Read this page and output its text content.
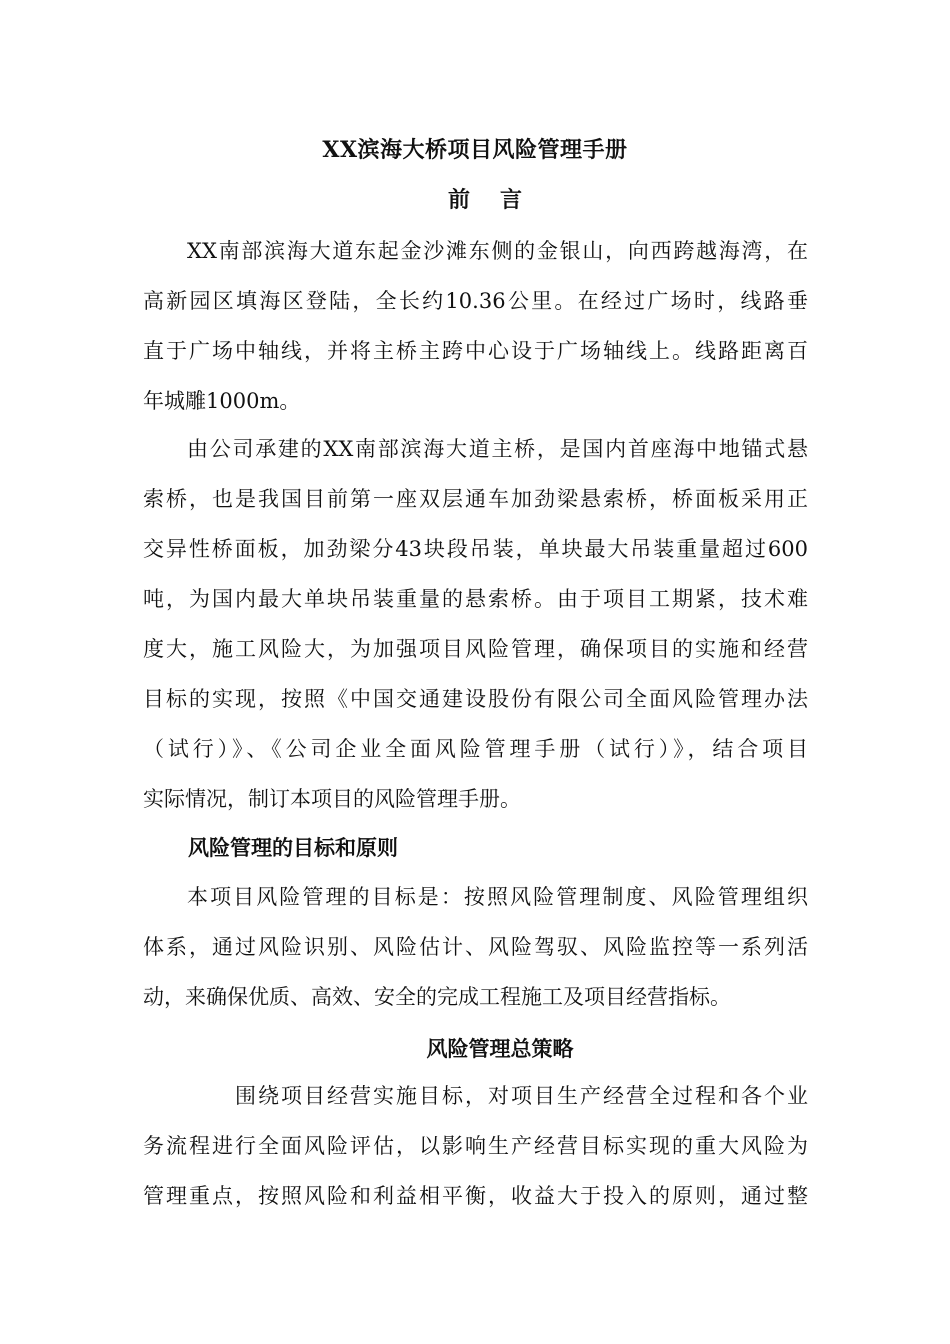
XX滨海大桥项目风险管理手册
前言
XX南部滨海大道东起金沙滩东侧的金银山，向西跨越海湾，在
高新园区填海区登陆，全长约10.36公里。在经过广场时，线路垂
直于广场中轴线，并将主桥主跨中心设于广场轴线上。线路距离百
年城雕1000m。
由公司承建的XX南部滨海大道主桥，是国内首座海中地锚式悬
索桥，也是我国目前第一座双层通车加劲梁悬索桥，桥面板采用正
交异性桥面板，加劲梁分43块段吊装，单块最大吊装重量超过600
吨，为国内最大单块吊装重量的悬索桥。由于项目工期紧，技术难
度大，施工风险大，为加强项目风险管理，确保项目的实施和经营
目标的实现，按照《中国交通建设股份有限公司全面风险管理办法
（试行）》、《公司企业全面风险管理手册（试行）》，结合项目
实际情况，制订本项目的风险管理手册。
风险管理的目标和原则
本项目风险管理的目标是：按照风险管理制度、风险管理组织
体系，通过风险识别、风险估计、风险驾驭、风险监控等一系列活
动，来确保优质、高效、安全的完成工程施工及项目经营指标。
风险管理总策略
围绕项目经营实施目标，对项目生产经营全过程和各个业
务流程进行全面风险评估，以影响生产经营目标实现的重大风险为
管理重点，按照风险和利益相平衡，收益大于投入的原则，通过整
